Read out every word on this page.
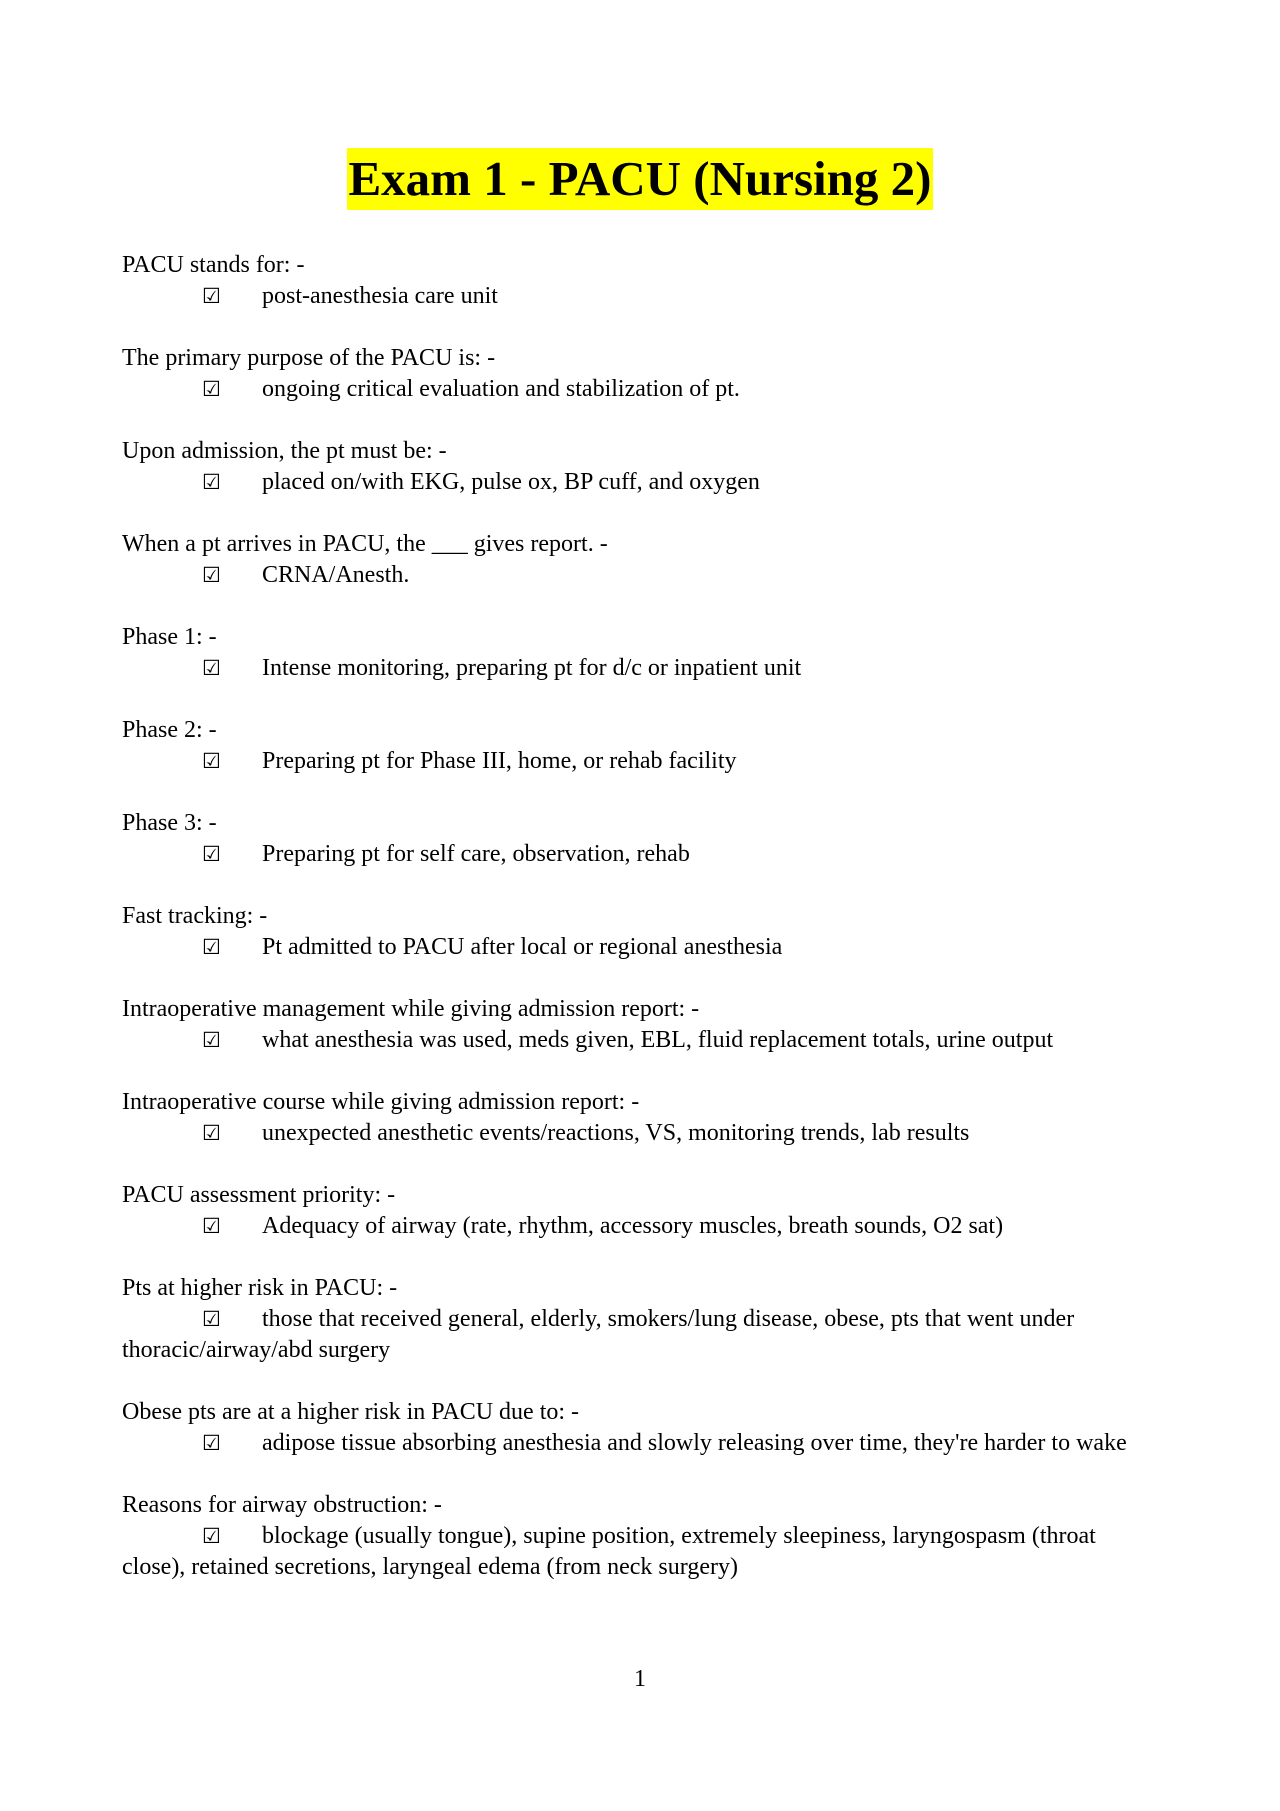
Exam 1 - PACU (Nursing 2)
PACU stands for: -
☑ post-anesthesia care unit
The primary purpose of the PACU is: -
☑ ongoing critical evaluation and stabilization of pt.
Upon admission, the pt must be: -
☑ placed on/with EKG, pulse ox, BP cuff, and oxygen
When a pt arrives in PACU, the ___ gives report. -
☑ CRNA/Anesth.
Phase 1: -
☑ Intense monitoring, preparing pt for d/c or inpatient unit
Phase 2: -
☑ Preparing pt for Phase III, home, or rehab facility
Phase 3: -
☑ Preparing pt for self care, observation, rehab
Fast tracking: -
☑ Pt admitted to PACU after local or regional anesthesia
Intraoperative management while giving admission report: -
☑ what anesthesia was used, meds given, EBL, fluid replacement totals, urine output
Intraoperative course while giving admission report: -
☑ unexpected anesthetic events/reactions, VS, monitoring trends, lab results
PACU assessment priority: -
☑ Adequacy of airway (rate, rhythm, accessory muscles, breath sounds, O2 sat)
Pts at higher risk in PACU: -
☑ those that received general, elderly, smokers/lung disease, obese, pts that went under thoracic/airway/abd surgery
Obese pts are at a higher risk in PACU due to: -
☑ adipose tissue absorbing anesthesia and slowly releasing over time, they're harder to wake
Reasons for airway obstruction: -
☑ blockage (usually tongue), supine position, extremely sleepiness, laryngospasm (throat close), retained secretions, laryngeal edema (from neck surgery)
1
